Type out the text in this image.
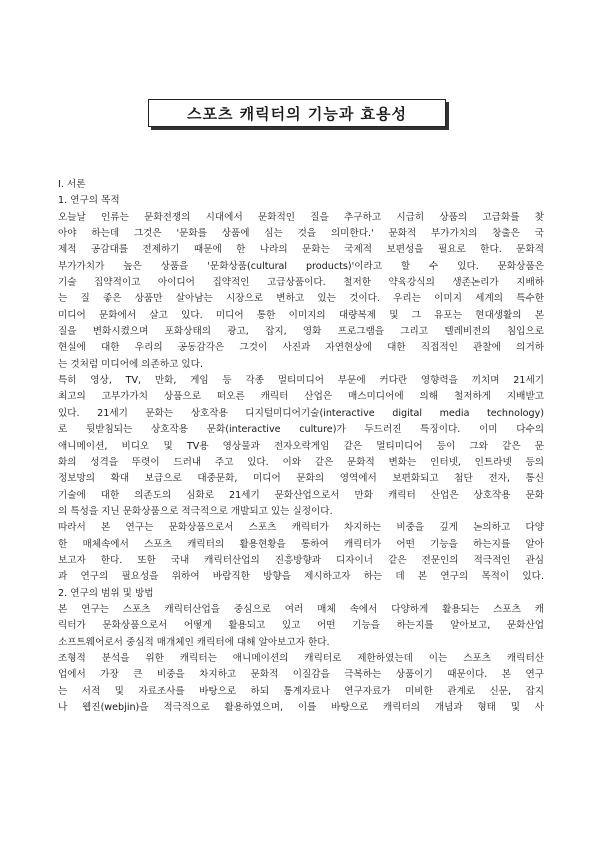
스포츠 캐릭터의 기능과 효용성
Ⅰ. 서론
1. 연구의 목적
오늘날 인류는 문화전쟁의 시대에서 문화적인 질을 추구하고 시급히 상품의 고급화를 찾
아야 하는데 그것은 '문화를 상품에 심는 것을 의미한다.' 문화적 부가가치의 창출은 국
제적 공감대를 전제하기 때문에 한 나라의 문화는 국제적 보편성을 필요로 한다. 문화적
부가가치가 높은 상품을 '문화상품(cultural products)'이라고 할 수 있다. 문화상품은
기술 집약적이고 아이디어 집약적인 고급상품이다. 철저한 약육강식의 생존논리가 지배하
는 질 좋은 상품만 살아남는 시장으로 변하고 있는 것이다. 우리는 이미지 세계의 특수한
미디어 문화에서 살고 있다. 미디어 통한 이미지의 대량복제 및 그 유포는 현대생활의 본
질을 변화시켰으며 포화상태의 광고, 잡지, 영화 프로그램을 그리고 텔레비전의 침입으로
현실에 대한 우리의 공동감각은 그것이 사진과 자연현상에 대한 직접적인 관찰에 의거하
는 것처럼 미디어에 의존하고 있다.
특히 영상, TV, 만화, 게임 등 각종 멀티미디어 부문에 커다란 영향력을 끼치며 21세기
최고의 고부가가치 상품으로 떠오른 캐릭터 산업은 매스미디어에 의해 철저하게 지배받고
있다. 21세기 문화는 상호작용 디지털미디어기술(interactive digital media technology)
로 뒷받침되는 상호작용 문화(interactive culture)가 두드러진 특징이다. 이미 다수의
애니메이션, 비디오 및 TV용 영상물과 전자오락게임 같은 멀티미디어 등이 그와 같은 문
화의 성격을 뚜렷이 드러내 주고 있다. 이와 같은 문화적 변화는 인터넷, 인트라넷 등의
정보망의 확대 보급으로 대중문화, 미디어 문화의 영역에서 보편화되고 첨단 전자, 통신
기술에 대한 의존도의 심화로 21세기 문화산업으로서 만화 캐릭터 산업은 상호작용 문화
의 특성을 지닌 문화상품으로 적극적으로 개발되고 있는 실정이다.
따라서 본 연구는 문화상품으로서 스포츠 캐릭터가 차지하는 비중을 깊게 논의하고 다양
한 매체속에서 스포츠 캐릭터의 활용현황을 통하여 캐릭터가 어떤 기능을 하는지를 알아
보고자 한다. 또한 국내 캐릭터산업의 진흥방향과 디자이너 같은 전문인의 적극적인 관심
과 연구의 필요성을 위하여 바람직한 방향을 제시하고자 하는 데 본 연구의 목적이 있다.
2. 연구의 범위 및 방법
본 연구는 스포츠 캐릭터산업을 중심으로 여러 매체 속에서 다양하게 활용되는 스포츠 캐
릭터가 문화상품으로서 어떻게 활용되고 있고 어떤 기능을 하는지를 알아보고, 문화산업
소프트웨어로서 중심적 매개체인 캐릭터에 대해 알아보고자 한다.
조형적 분석을 위한 캐릭터는 애니메이션의 캐릭터로 제한하였는데 이는 스포츠 캐릭터산
업에서 가장 큰 비중을 차지하고 문화적 이질감을 극복하는 상품이기 때문이다. 본 연구
는 서적 및 자료조사를 바탕으로 하되 통계자료나 연구자료가 미비한 관계로 신문, 잡지
나 웹진(webjin)을 적극적으로 활용하였으며, 이를 바탕으로 캐릭터의 개념과 형태 및 사
